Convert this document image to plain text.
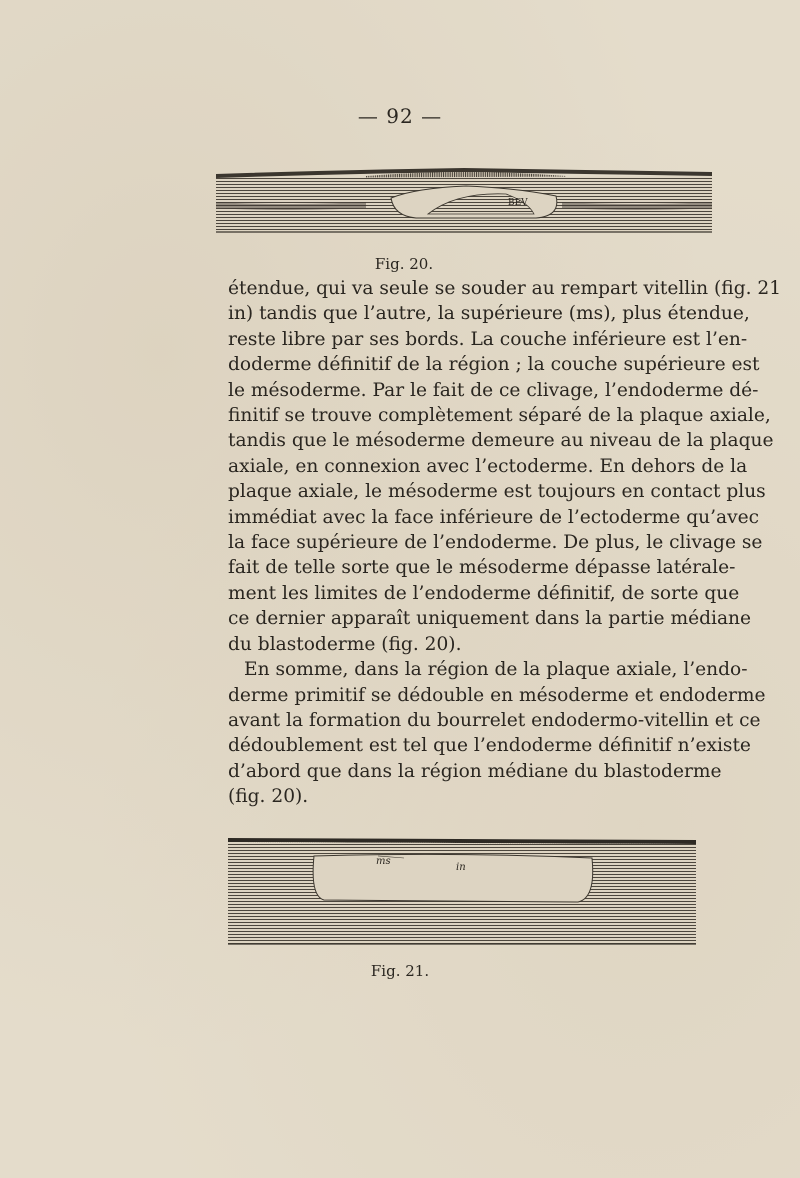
— 92 —
BEV
Fig. 20.
étendue, qui va seule se souder au rempart vitellin (fig. 21
in) tandis que l’autre, la supérieure (ms), plus étendue,
reste libre par ses bords. La couche inférieure est l’en-
doderme définitif de la région ; la couche supérieure est
le mésoderme. Par le fait de ce clivage, l’endoderme dé-
finitif se trouve complètement séparé de la plaque axiale,
tandis que le mésoderme demeure au niveau de la plaque
axiale, en connexion avec l’ectoderme. En dehors de la
plaque axiale, le mésoderme est toujours en contact plus
immédiat avec la face inférieure de l’ectoderme qu’avec
la face supérieure de l’endoderme. De plus, le clivage se
fait de telle sorte que le mésoderme dépasse latérale-
ment les limites de l’endoderme définitif, de sorte que
ce dernier apparaît uniquement dans la partie médiane
du blastoderme (fig. 20).
En somme, dans la région de la plaque axiale, l’endo-
derme primitif se dédouble en mésoderme et endoderme
avant la formation du bourrelet endodermo-vitellin et ce
dédoublement est tel que l’endoderme définitif n’existe
d’abord que dans la région médiane du blastoderme
(fig. 20).
ms
in
Fig. 21.
